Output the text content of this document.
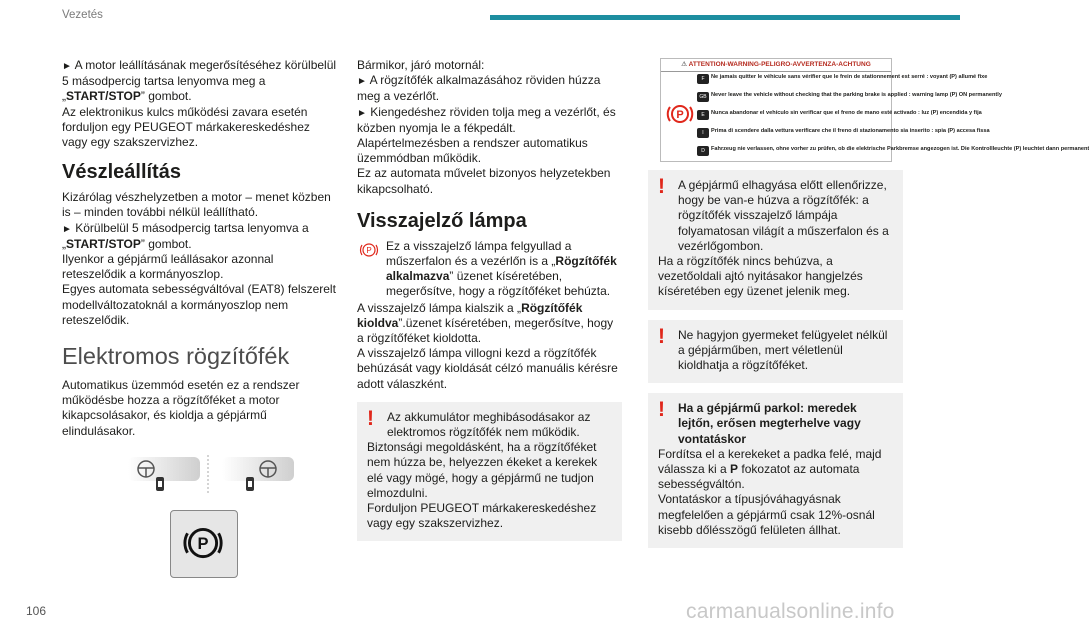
Vezetés

► A motor leállításának megerősítéséhez körülbelül 5 másodpercig tartsa lenyomva meg a „START/STOP” gombot.

Az elektronikus kulcs működési zavara esetén forduljon egy PEUGEOT márkakereskedéshez vagy egy szakszervizhez.

Vészleállítás

Kizárólag vészhelyzetben a motor – menet közben is – minden további nélkül leállítható.

► Körülbelül 5 másodpercig tartsa lenyomva a „START/STOP” gombot.

Ilyenkor a gépjármű leállásakor azonnal reteszelődik a kormányoszlop.

Egyes automata sebességváltóval (EAT8) felszerelt modellváltozatoknál a kormányoszlop nem reteszelődik.

Elektromos rögzítőfék

Automatikus üzemmód esetén ez a rendszer működésbe hozza a rögzítőféket a motor kikapcsolásakor, és kioldja a gépjármű elindulásakor.

P

Bármikor, járó motornál:

► A rögzítőfék alkalmazásához röviden húzza meg a vezérlőt.

► Kiengedéshez röviden tolja meg a vezérlőt, és közben nyomja le a fékpedált.

Alapértelmezésben a rendszer automatikus üzemmódban működik.

Ez az automata művelet bizonyos helyzetekben kikapcsolható.

Visszajelző lámpa
P Ez a visszajelző lámpa felgyullad a műszerfalon és a vezérlőn is a „Rögzítőfék alkalmazva” üzenet kíséretében, megerősítve, hogy a rögzítőféket behúzta.

A visszajelző lámpa kialszik a „Rögzítőfék kioldva”.üzenet kíséretében, megerősítve, hogy a rögzítőféket kioldotta.

A visszajelző lámpa villogni kezd a rögzítőfék behúzását vagy kioldását célzó manuális kérésre adott válaszként.

!	Az akkumulátor meghibásodásakor az elektromos rögzítőfék nem működik.

Biztonsági megoldásként, ha a rögzítőféket nem húzza be, helyezzen ékeket a kerekek elé vagy mögé, hogy a gépjármű ne tudjon elmozdulni.

Forduljon PEUGEOT márkakereskedéshez vagy egy szakszervizhez.

⚠ ATTENTION-WARNING-PELIGRO-AVVERTENZA-ACHTUNG
P
F	Ne jamais quitter le véhicule sans vérifier que le frein de stationnement est serré : voyant (P) allumé fixe
GB Never leave the vehicle without checking that the parking brake is applied : warning lamp (P) ON permanently
E	Nunca abandonar el vehículo sin verificar que el freno de mano esté activado : luz (P) encendida y fija
I	Prima di scendere dalla vettura verificare che il freno di stazionamento sia inserito : spia (P) accesa fissa
D	Fahrzeug nie verlassen, ohne vorher zu prüfen, ob die elektrische Parkbremse angezogen ist. Die Kontrollleuchte (P) leuchtet dann permanent
!	A gépjármű elhagyása előtt ellenőrizze, hogy be van-e húzva a rögzítőfék: a rögzítőfék visszajelző lámpája folyamatosan világít a műszerfalon és a vezérlőgombon.

Ha a rögzítőfék nincs behúzva, a vezetőoldali ajtó nyitásakor hangjelzés kíséretében egy üzenet jelenik meg.

!	Ne hagyjon gyermeket felügyelet nélkül a gépjárműben, mert véletlenül kioldhatja a rögzítőféket.

!	Ha a gépjármű parkol: meredek lejtőn, erősen megterhelve vagy vontatáskor

Fordítsa el a kerekeket a padka felé, majd válassza ki a P fokozatot az automata sebességváltón.

Vontatáskor a típusjóváhagyásnak megfelelően a gépjármű csak 12%-osnál kisebb dőlésszögű felületen állhat.

106	carmanualsonline.info
